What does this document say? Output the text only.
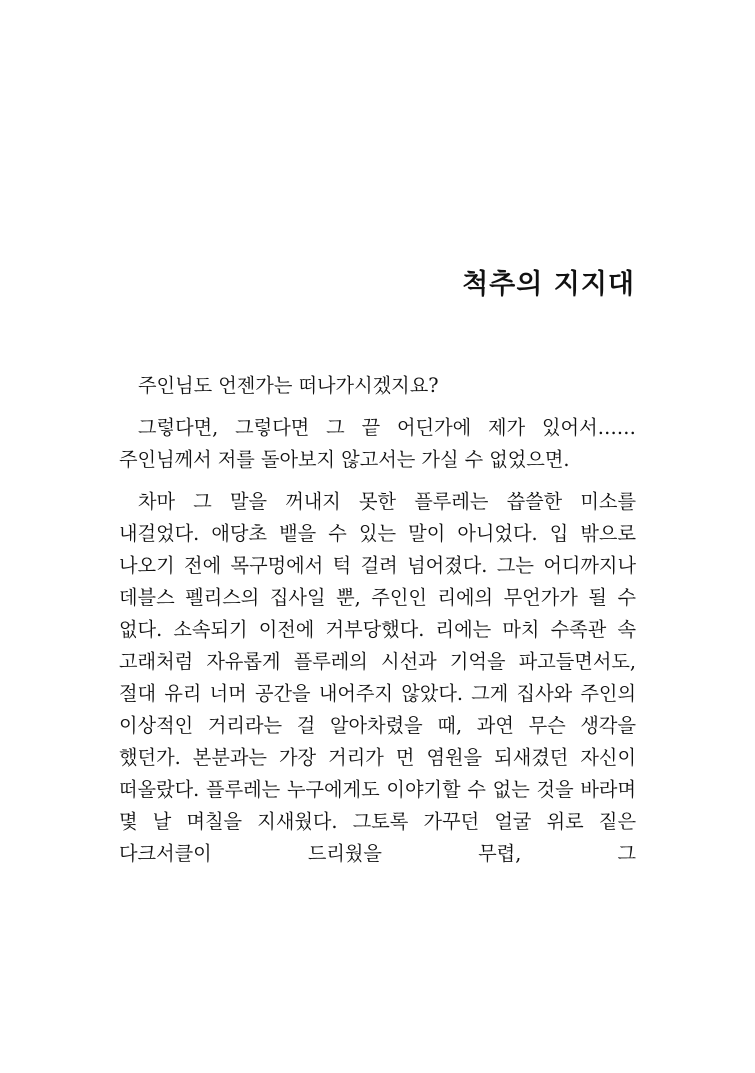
척추의 지지대

주인님도 언젠가는 떠나가시겠지요?

그렇다면, 그렇다면 그 끝 어딘가에 제가 있어서…… 주인님께서 저를 돌아보지 않고서는 가실 수 없었으면.

차마 그 말을 꺼내지 못한 플루레는 씁쓸한 미소를 내걸었다. 애당초 뱉을 수 있는 말이 아니었다. 입 밖으로 나오기 전에 목구멍에서 턱 걸려 넘어졌다. 그는 어디까지나 데블스 펠리스의 집사일 뿐, 주인인 리에의 무언가가 될 수 없다. 소속되기 이전에 거부당했다. 리에는 마치 수족관 속 고래처럼 자유롭게 플루레의 시선과 기억을 파고들면서도, 절대 유리 너머 공간을 내어주지 않았다. 그게 집사와 주인의 이상적인 거리라는 걸 알아차렸을 때, 과연 무슨 생각을 했던가. 본분과는 가장 거리가 먼 염원을 되새겼던 자신이 떠올랐다. 플루레는 누구에게도 이야기할 수 없는 것을 바라며 몇 날 며칠을 지새웠다. 그토록 가꾸던 얼굴 위로 짙은 다크서클이 드리웠을 무렵, 그
